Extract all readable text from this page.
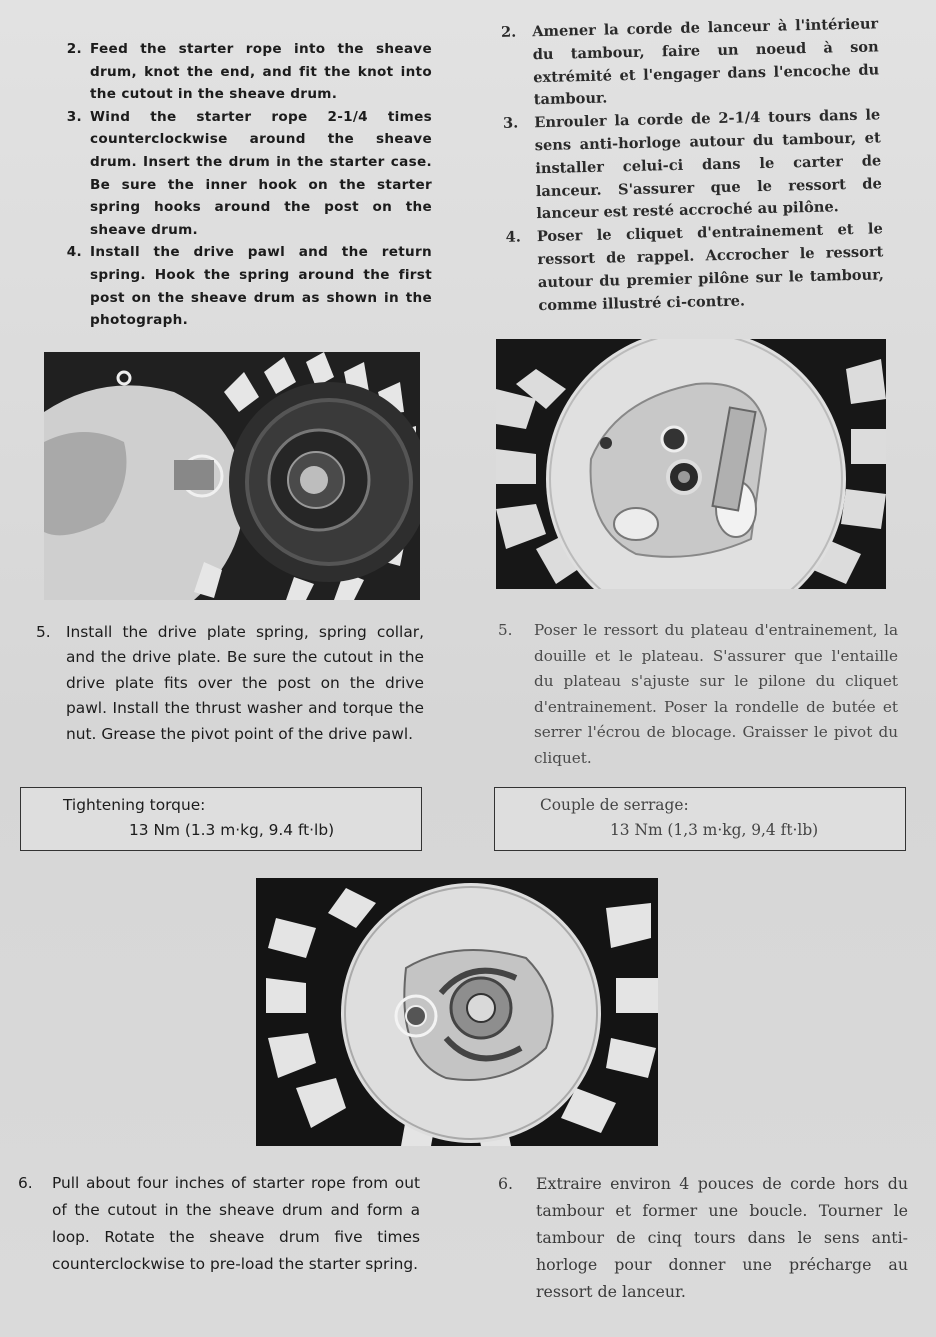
2. Feed the starter rope into the sheave drum, knot the end, and fit the knot into the cutout in the sheave drum.
3. Wind the starter rope 2-1/4 times counterclockwise around the sheave drum. Insert the drum in the starter case. Be sure the inner hook on the starter spring hooks around the post on the sheave drum.
4. Install the drive pawl and the return spring. Hook the spring around the first post on the sheave drum as shown in the photograph.
2. Amener la corde de lanceur à l'intérieur du tambour, faire un noeud à son extrémité et l'engager dans l'encoche du tambour.
3. Enrouler la corde de 2-1/4 tours dans le sens anti-horloge autour du tambour, et installer celui-ci dans le carter de lanceur. S'assurer que le ressort de lanceur est resté accroché au pilône.
4. Poser le cliquet d'entrainement et le ressort de rappel. Accrocher le ressort autour du premier pilône sur le tambour, comme illustré ci-contre.
5. Install the drive plate spring, spring collar, and the drive plate. Be sure the cutout in the drive plate fits over the post on the drive pawl. Install the thrust washer and torque the nut. Grease the pivot point of the drive pawl.
5.	Poser le ressort du plateau d'entrainement, la douille et le plateau. S'assurer que l'entaille du plateau s'ajuste sur le pilone du cliquet d'entrainement. Poser la rondelle de butée et serrer l'écrou de blocage. Graisser le pivot du cliquet.
Tightening torque:
13 Nm (1.3 m·kg, 9.4 ft·lb)
Couple de serrage:
13 Nm (1,3 m·kg, 9,4 ft·lb)
6.	Pull about four inches of starter rope from out of the cutout in the sheave drum and form a loop. Rotate the sheave drum five times counterclockwise to pre-load the starter spring.
6.	Extraire environ 4 pouces de corde hors du tambour et former une boucle. Tourner le tambour de cinq tours dans le sens anti-horloge pour donner une précharge au ressort de lanceur.
